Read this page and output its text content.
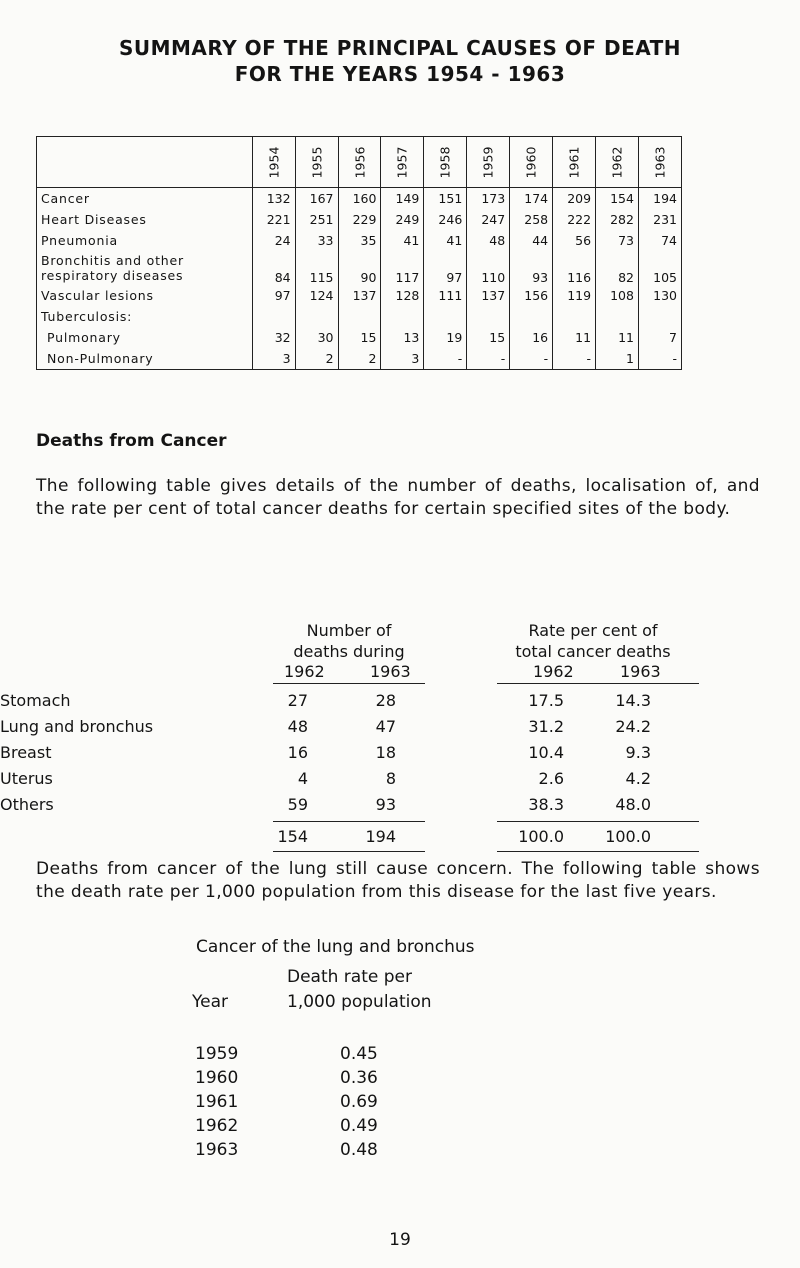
SUMMARY OF THE PRINCIPAL CAUSES OF DEATH
FOR THE YEARS 1954 - 1963
	1954	1955	1956	1957	1958	1959	1960	1961	1962	1963
Cancer	132	167	160	149	151	173	174	209	154	194
Heart Diseases	221	251	229	249	246	247	258	222	282	231
Pneumonia	24	33	35	41	41	48	44	56	73	74

Bronchitis and other
respiratory diseases	84	115	90	117	97	110	93	116	82	105
Vascular lesions	97	124	137	128	111	137	156	119	108	130
Tuberculosis:										
Pulmonary	32	30	15	13	19	15	16	11	11	7
Non-Pulmonary	3	2	2	3	-	-	-	-	1	-
Deaths from Cancer
The following table gives details of the number of deaths, localisation of, and the rate per cent of total cancer deaths for certain specified sites of the body.
Number of
deaths during
Rate per cent of
total cancer deaths
1962	1963	1962	1963
Stomach	27	28	17.5	14.3
Lung and bronchus	48	47	31.2	24.2
Breast	16	18	10.4	9.3
Uterus	4	8	2.6	4.2
Others	59	93	38.3	48.0
154	194	100.0	100.0
Deaths from cancer of the lung still cause concern. The following table shows the death rate per 1,000 population from this disease for the last five years.
Cancer of the lung and bronchus
Death rate per
1,000 population
Year
1959	0.45
1960	0.36
1961	0.69
1962	0.49
1963	0.48
19
